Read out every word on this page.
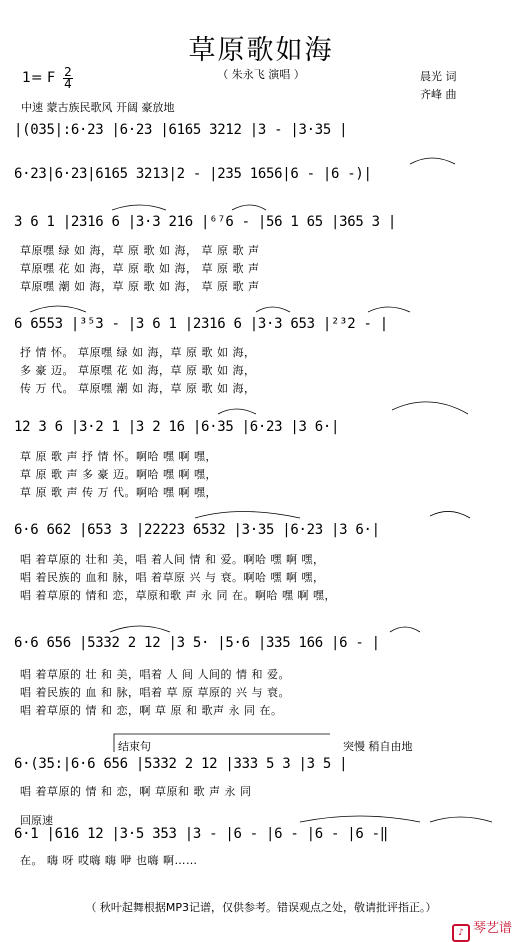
草原歌如海
（ 朱永飞 演唱 ）
1= F 2
4
晨光 词
齐峰 曲
中速 蒙古族民歌风 开阔 豪放地
|(035|:6·23 |6·23 |6165 3212 |3 - |3·35 |
6·23|6·23|6165 3213|2 - |235 1656|6 - |6 -)|
3 6 1 |2316 6 |3·3 216 |⁶⁷6 - |56 1 65 |365 3 |
草原嘿 绿 如 海，草 原 歌 如 海， 草 原 歌 声
草原嘿 花 如 海，草 原 歌 如 海， 草 原 歌 声
草原嘿 潮 如 海，草 原 歌 如 海， 草 原 歌 声
6 6553 |³⁵3 - |3 6 1 |2316 6 |3·3 653 |²³2 - |
抒 情 怀。 草原嘿 绿 如 海，草 原 歌 如 海，
多 豪 迈。 草原嘿 花 如 海，草 原 歌 如 海，
传 万 代。 草原嘿 潮 如 海，草 原 歌 如 海，
12 3 6 |3·2 1 |3 2 16 |6·35 |6·23 |3 6·|
草 原 歌 声 抒 情 怀。啊哈 嘿 啊 嘿，
草 原 歌 声 多 豪 迈。啊哈 嘿 啊 嘿，
草 原 歌 声 传 万 代。啊哈 嘿 啊 嘿，
6·6 662 |653 3 |22223 6532 |3·35 |6·23 |3 6·|
唱 着草原的 壮和 美，唱 着人间 情 和 爱。啊哈 嘿 啊 嘿，
唱 着民族的 血和 脉，唱 着草原 兴 与 衰。啊哈 嘿 啊 嘿，
唱 着草原的 情和 恋，草原和歌 声 永 同 在。啊哈 嘿 啊 嘿，
6·6 656 |5332 2 12 |3 5· |5·6 |335 166 |6 - |
唱 着草原的 壮 和 美，唱着 人 间 人间的 情 和 爱。
唱 着民族的 血 和 脉，唱着 草 原 草原的 兴 与 衰。
唱 着草原的 情 和 恋，啊 草 原 和 歌声 永 同 在。
结束句	突慢 稍自由地
6·(35:|6·6 656 |5332 2 12 |333 5 3 |3 5 |
唱 着草原的 情 和 恋，啊 草原和 歌 声 永 同
回原速
6·1 |616 12 |3·5 353 |3 - |6 - |6 - |6 - |6 -‖
在。 嗨 呀 哎嗨 嗨 咿 也嗨 啊……
（ 秋叶起舞根据MP3记谱，仅供参考。错误观点之处，敬请批评指正。）
♪ 琴艺谱
